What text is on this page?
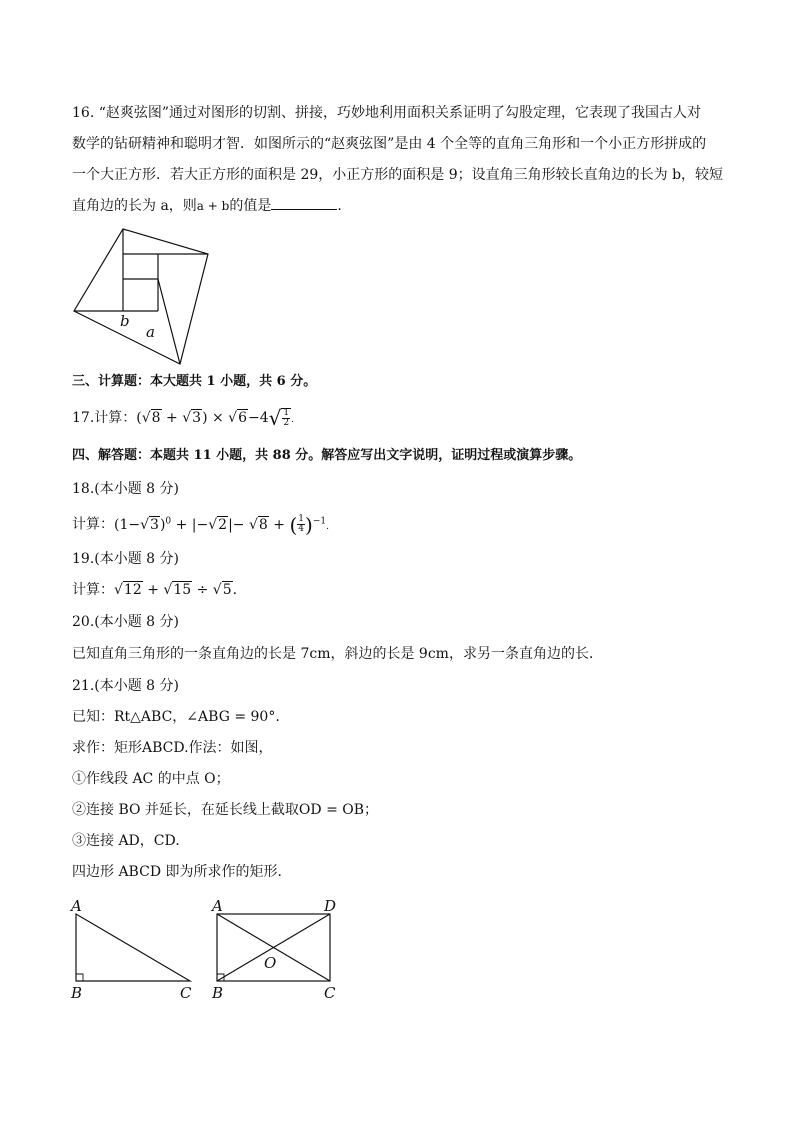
16. “赵爽弦图”通过对图形的切割、拼接，巧妙地利用面积关系证明了勾股定理，它表现了我国古人对
数学的钻研精神和聪明才智．如图所示的“赵爽弦图”是由 4 个全等的直角三角形和一个小正方形拼成的
一个大正方形．若大正方形的面积是 29，小正方形的面积是 9；设直角三角形较长直角边的长为 b，较短
直角边的长为 a，则a + b的值是	.
b
a
三、计算题：本大题共 1 小题，共 6 分。
17.计算：$(√8 + √3) \times √6-4√ \frac{1}{2}$ .
四、解答题：本题共 11 小题，共 88 分。解答应写出文字说明，证明过程或演算步骤。
18.(本小题 8 分)
计算：$(1-√3)^0 + |-√2|- √8$ + ( $\frac{1}{4} )^{-1}$.
19.(本小题 8 分)
计算：√12 + √15 ÷ √5.
20.(本小题 8 分)
已知直角三角形的一条直角边的长是 7cm，斜边的长是 9cm，求另一条直角边的长．
21.(本小题 8 分)
已知：Rt△ABC，∠ABG = 90°.
求作：矩形ABCD.作法：如图，
①作线段 AC 的中点 O；
②连接 BO 并延长，在延长线上截取OD = OB；
③连接 AD，CD.
四边形 ABCD 即为所求作的矩形．
A
B	C
A	D
O
B	C
